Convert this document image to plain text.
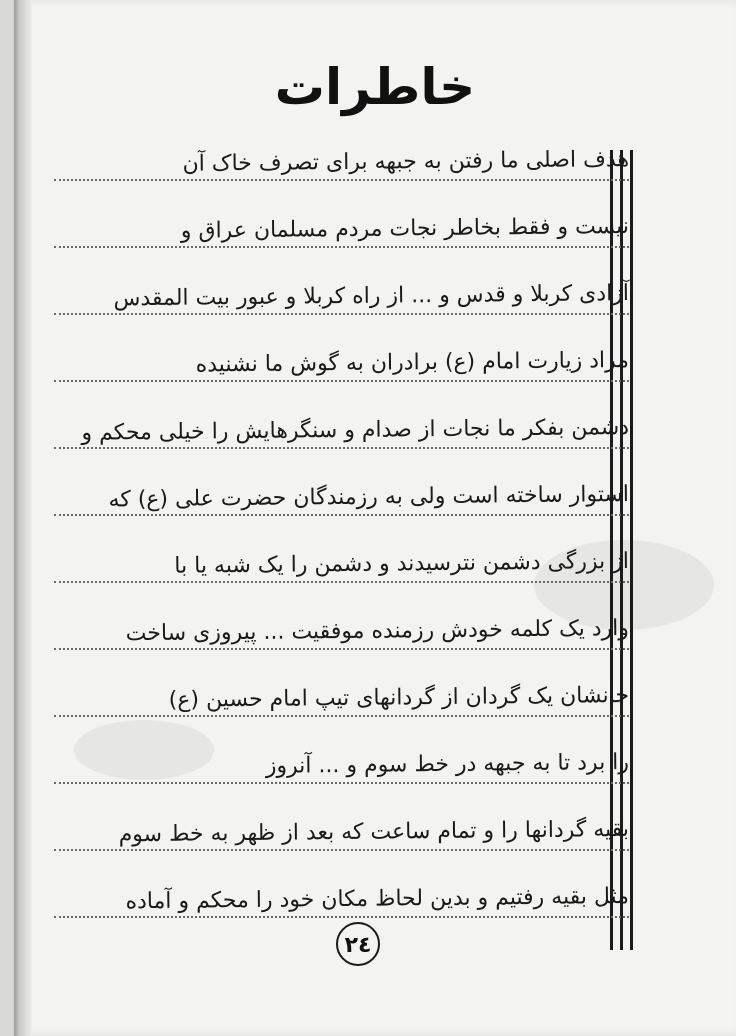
خاطرات
هدف اصلی ما رفتن به جبهه برای تصرف خاک آن
نیست و فقط بخاطر نجات مردم مسلمان عراق و
آزادی کربلا و قدس و ... از راه کربلا و عبور بیت المقدس
مراد زیارت امام (ع) برادران به گوش ما نشنیده
دشمن بفکر ما نجات از صدام و سنگرهایش را خیلی محکم و
استوار ساخته است ولی به رزمندگان حضرت علی (ع) که
از بزرگی دشمن نترسیدند و دشمن را یک شبه یا با
وارد یک کلمه خودش رزمنده موفقیت ... پیروزی ساخت
جانشان یک گردان از گردانهای تیپ امام حسین (ع)
را برد تا به جبهه در خط سوم و ... آنروز
بقیه گردانها را و تمام ساعت که بعد از ظهر به خط سوم
مثل بقیه رفتیم و بدین لحاظ مکان خود را محکم و آماده
٢٤
